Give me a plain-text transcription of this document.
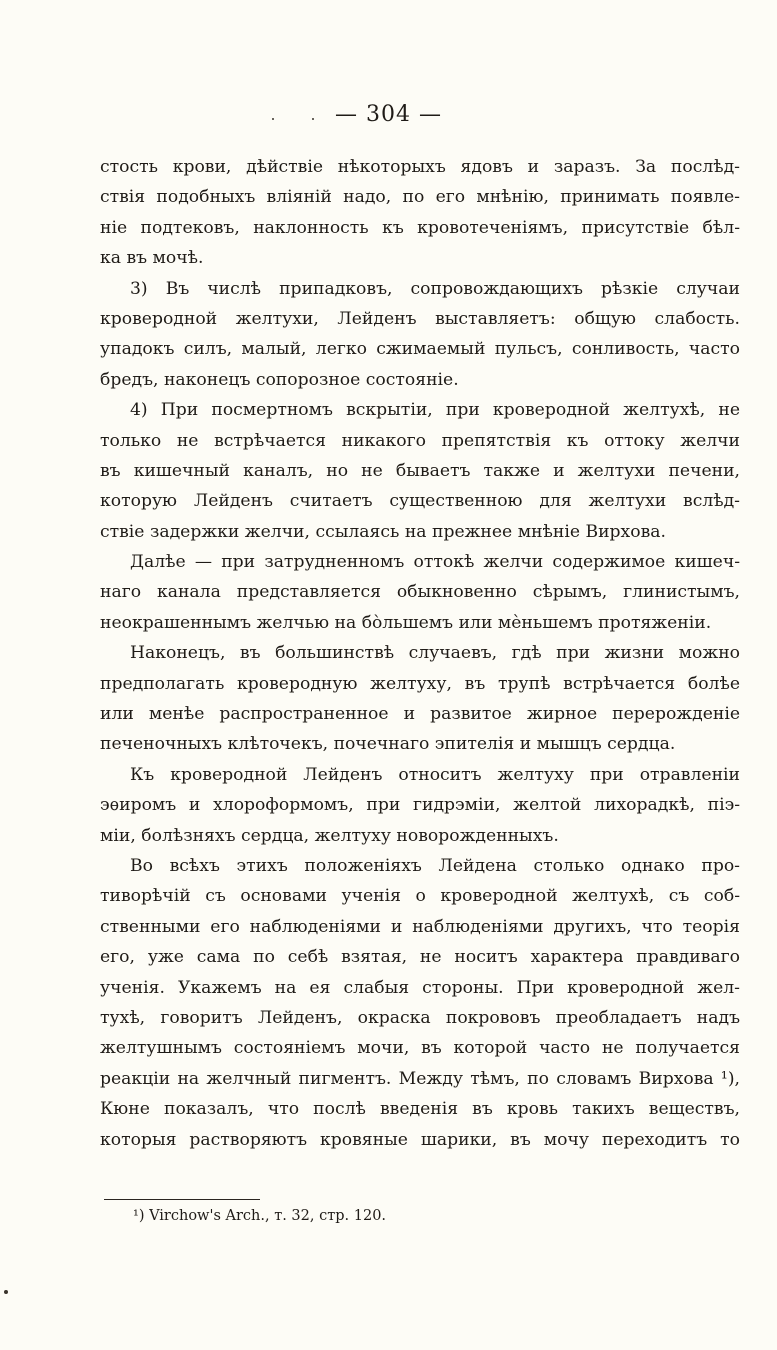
— 304 —
стость крови, дѣйствіе нѣкоторыхъ ядовъ и заразъ. За послѣд-
ствія подобныхъ вліяній надо, по его мнѣнію, принимать появле-
ніе подтековъ, наклонность къ кровотеченіямъ, присутствіе бѣл-
ка въ мочѣ.
3) Въ числѣ припадковъ, сопровождающихъ рѣзкіе случаи
кроверодной желтухи, Лейденъ выставляетъ: общую слабость.
упадокъ силъ, малый, легко сжимаемый пульсъ, сонливость, часто
бредъ, наконецъ сопорозное состояніе.
4) При посмертномъ вскрытіи, при кроверодной желтухѣ, не
только не встрѣчается никакого препятствія къ оттоку желчи
въ кишечный каналъ, но не бываетъ также и желтухи печени,
которую Лейденъ считаетъ существенною для желтухи вслѣд-
ствіе задержки желчи, ссылаясь на прежнее мнѣніе Вирхова.
Далѣе — при затрудненномъ оттокѣ желчи содержимое кишеч-
наго канала представляется обыкновенно сѣрымъ, глинистымъ,
неокрашеннымъ желчью на бо̀льшемъ или мѐньшемъ протяженіи.
Наконецъ, въ большинствѣ случаевъ, гдѣ при жизни можно
предполагать кроверодную желтуху, въ трупѣ встрѣчается болѣе
или менѣе распространенное и развитое жирное перерожденіе
печеночныхъ клѣточекъ, почечнаго эпителія и мышцъ сердца.
Къ кроверодной Лейденъ относитъ желтуху при отравленіи
эѳиромъ и хлороформомъ, при гидрэміи, желтой лихорадкѣ, піэ-
міи, болѣзняхъ сердца, желтуху новорожденныхъ.
Во всѣхъ этихъ положеніяхъ Лейдена столько однако про-
тиворѣчій съ основами ученія о кроверодной желтухѣ, съ соб-
ственными его наблюденіями и наблюденіями другихъ, что теорія
его, уже сама по себѣ взятая, не носитъ характера правдиваго
ученія. Укажемъ на ея слабыя стороны. При кроверодной жел-
тухѣ, говоритъ Лейденъ, окраска покрововъ преобладаетъ надъ
желтушнымъ состояніемъ мочи, въ которой часто не получается
реакціи на желчный пигментъ. Между тѣмъ, по словамъ Вирхова ¹),
Кюне показалъ, что послѣ введенія въ кровь такихъ веществъ,
которыя растворяютъ кровяные шарики, въ мочу переходитъ то
¹) Virchow's Arch., т. 32, стр. 120.
